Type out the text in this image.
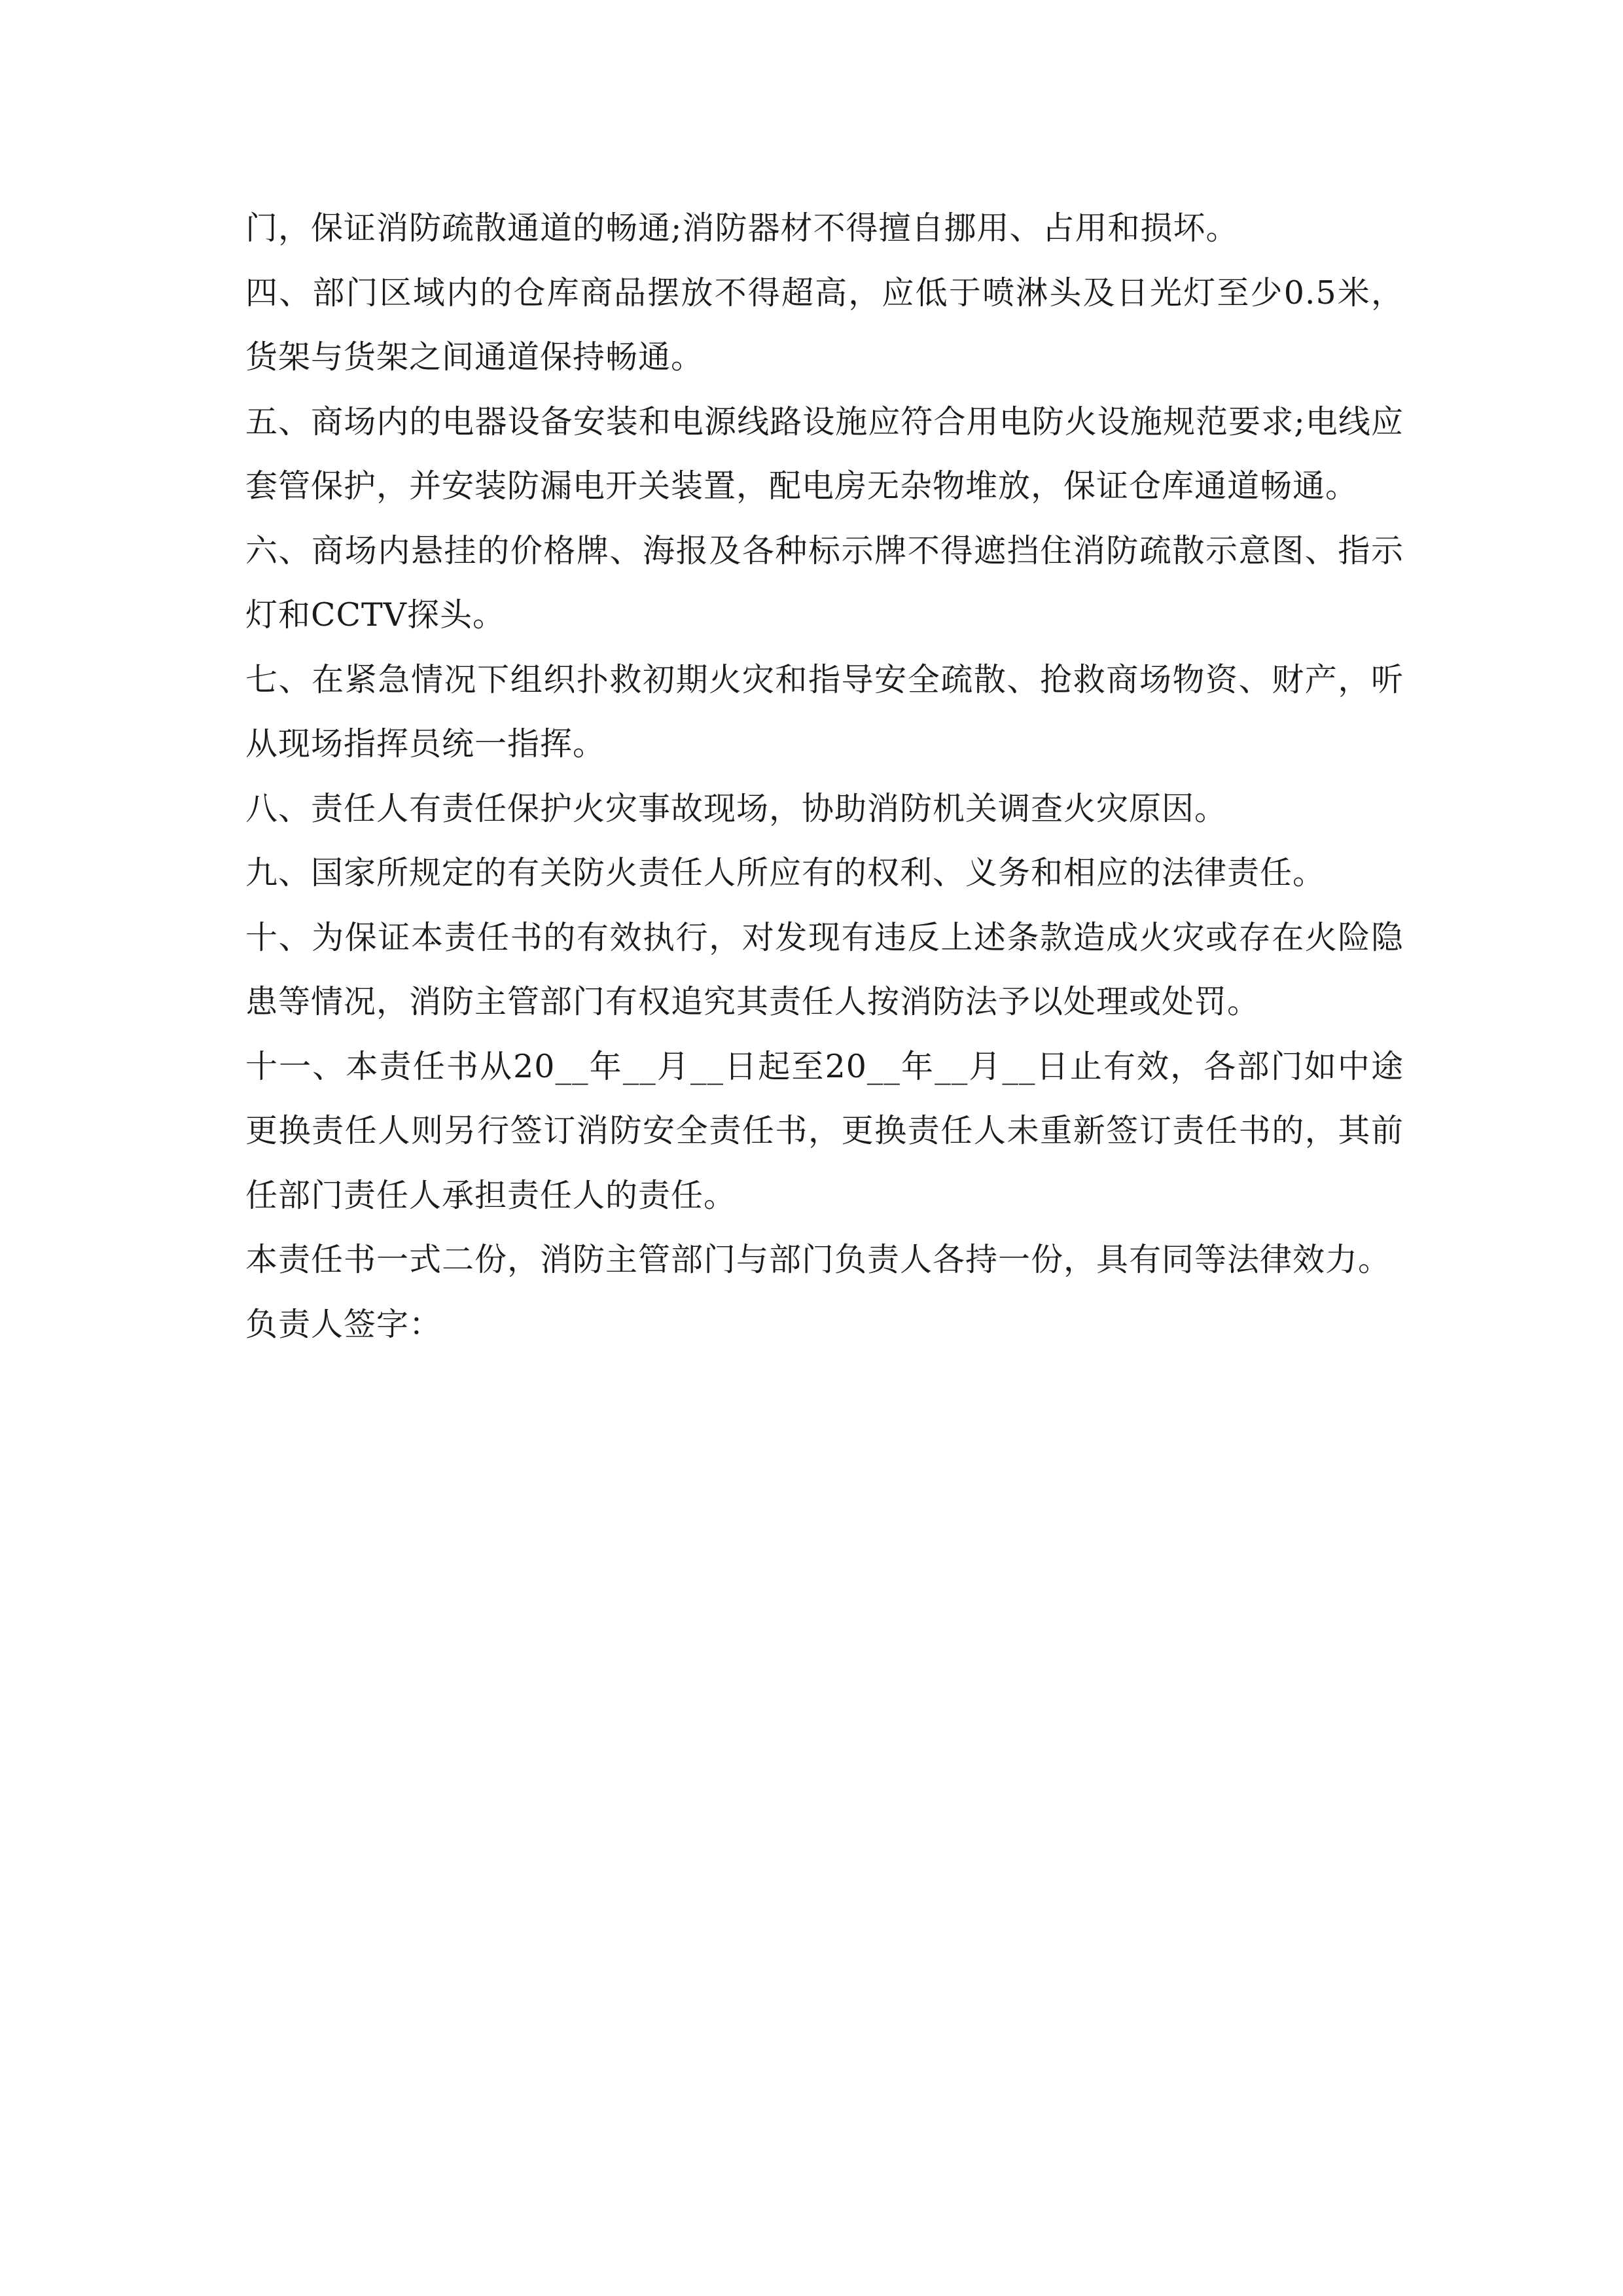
门，保证消防疏散通道的畅通;消防器材不得擅自挪用、占用和损坏。

四、部门区域内的仓库商品摆放不得超高，应低于喷淋头及日光灯至少0.5米，货架与货架之间通道保持畅通。

五、商场内的电器设备安装和电源线路设施应符合用电防火设施规范要求;电线应套管保护，并安装防漏电开关装置，配电房无杂物堆放，保证仓库通道畅通。

六、商场内悬挂的价格牌、海报及各种标示牌不得遮挡住消防疏散示意图、指示灯和CCTV探头。

七、在紧急情况下组织扑救初期火灾和指导安全疏散、抢救商场物资、财产，听从现场指挥员统一指挥。

八、责任人有责任保护火灾事故现场，协助消防机关调查火灾原因。

九、国家所规定的有关防火责任人所应有的权利、义务和相应的法律责任。

十、为保证本责任书的有效执行，对发现有违反上述条款造成火灾或存在火险隐患等情况，消防主管部门有权追究其责任人按消防法予以处理或处罚。

十一、本责任书从20__年__月__日起至20__年__月__日止有效，各部门如中途更换责任人则另行签订消防安全责任书，更换责任人未重新签订责任书的，其前任部门责任人承担责任人的责任。

本责任书一式二份，消防主管部门与部门负责人各持一份，具有同等法律效力。

负责人签字：
